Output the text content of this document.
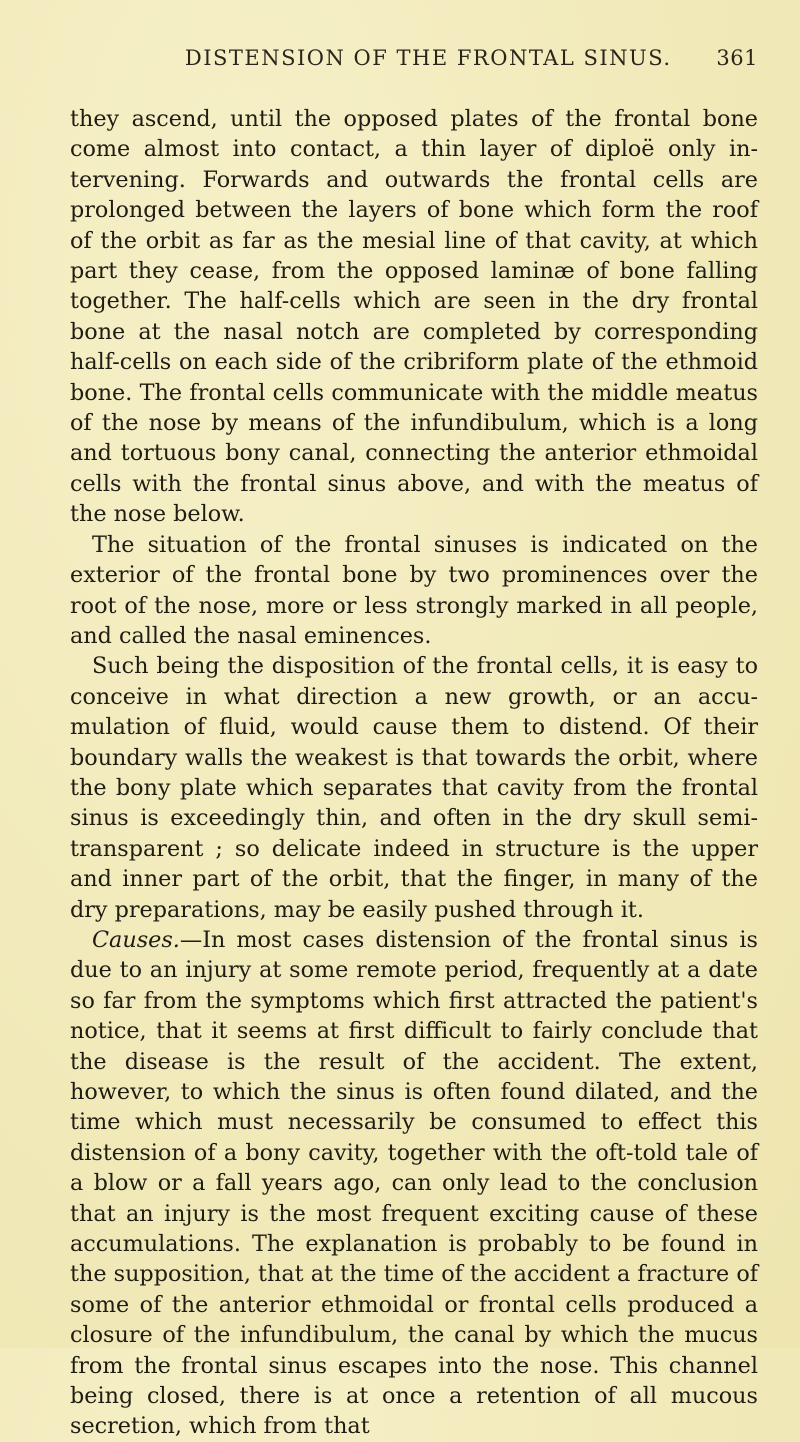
DISTENSION OF THE FRONTAL SINUS.	361

they ascend, until the opposed plates of the frontal bone come almost into contact, a thin layer of diploë only intervening. Forwards and outwards the frontal cells are prolonged between the layers of bone which form the roof of the orbit as far as the mesial line of that cavity, at which part they cease, from the opposed laminæ of bone falling together. The half-cells which are seen in the dry frontal bone at the nasal notch are completed by corresponding half-cells on each side of the cribriform plate of the ethmoid bone. The frontal cells communicate with the middle meatus of the nose by means of the infundibulum, which is a long and tortuous bony canal, connecting the anterior ethmoidal cells with the frontal sinus above, and with the meatus of the nose below.

The situation of the frontal sinuses is indicated on the exterior of the frontal bone by two prominences over the root of the nose, more or less strongly marked in all people, and called the nasal eminences.

Such being the disposition of the frontal cells, it is easy to conceive in what direction a new growth, or an accumulation of fluid, would cause them to distend. Of their boundary walls the weakest is that towards the orbit, where the bony plate which separates that cavity from the frontal sinus is exceedingly thin, and often in the dry skull semi-transparent ; so delicate indeed in structure is the upper and inner part of the orbit, that the finger, in many of the dry preparations, may be easily pushed through it.

Causes.—In most cases distension of the frontal sinus is due to an injury at some remote period, frequently at a date so far from the symptoms which first attracted the patient's notice, that it seems at first difficult to fairly conclude that the disease is the result of the accident. The extent, however, to which the sinus is often found dilated, and the time which must necessarily be consumed to effect this distension of a bony cavity, together with the oft-told tale of a blow or a fall years ago, can only lead to the conclusion that an injury is the most frequent exciting cause of these accumulations. The explanation is probably to be found in the supposition, that at the time of the accident a fracture of some of the anterior ethmoidal or frontal cells produced a closure of the infundibulum, the canal by which the mucus from the frontal sinus escapes into the nose. This channel being closed, there is at once a retention of all mucous secretion, which from that
